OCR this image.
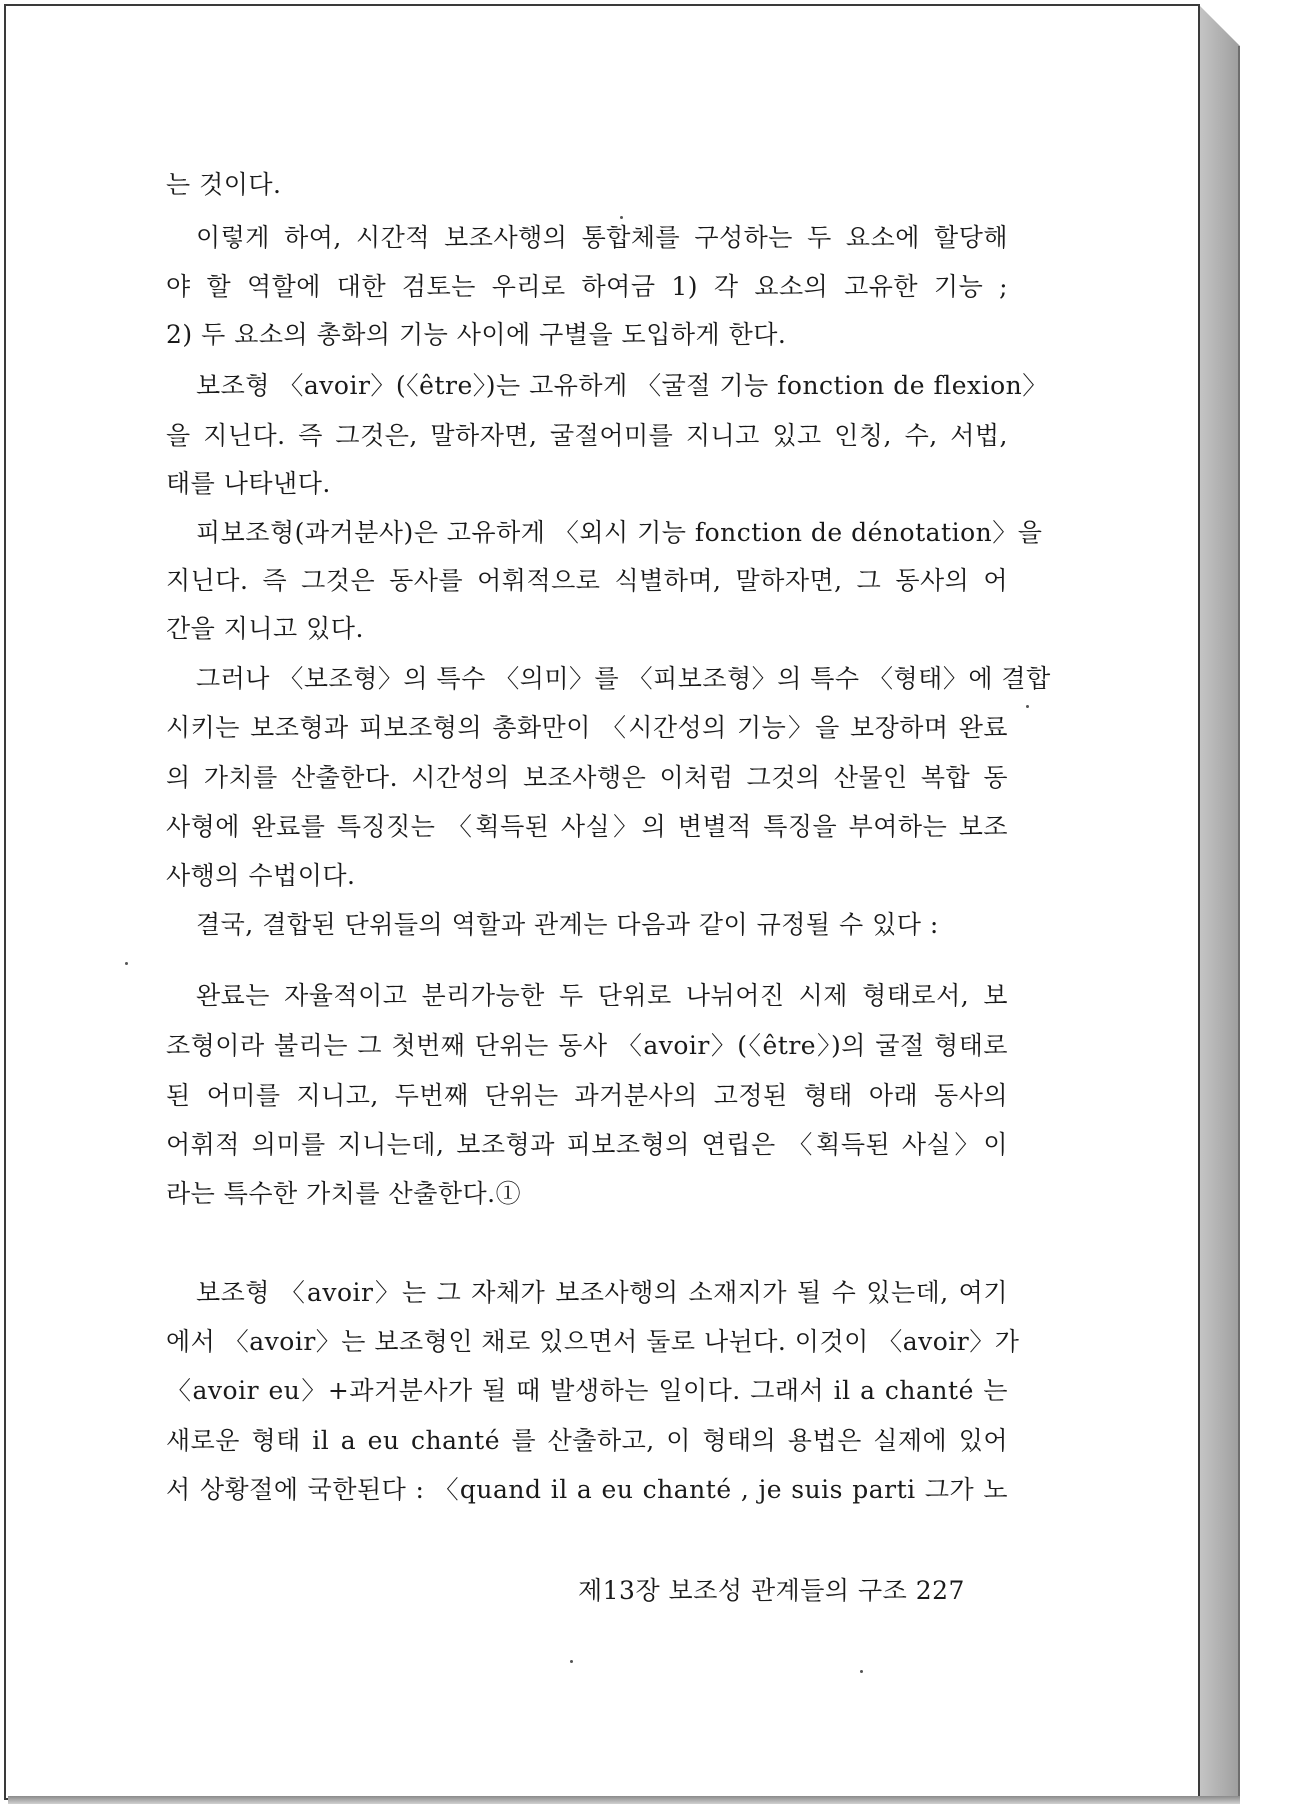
는 것이다.
이렇게 하여, 시간적 보조사행의 통합체를 구성하는 두 요소에 할당해
야 할 역할에 대한 검토는 우리로 하여금 1) 각 요소의 고유한 기능 ;
2) 두 요소의 총화의 기능 사이에 구별을 도입하게 한다.
보조형 〈avoir〉(〈être〉)는 고유하게 〈굴절 기능 fonction de flexion〉
을 지닌다. 즉 그것은, 말하자면, 굴절어미를 지니고 있고 인칭, 수, 서법,
태를 나타낸다.
피보조형(과거분사)은 고유하게 〈외시 기능 fonction de dénotation〉을
지닌다. 즉 그것은 동사를 어휘적으로 식별하며, 말하자면, 그 동사의 어
간을 지니고 있다.
그러나 〈보조형〉의 특수 〈의미〉를 〈피보조형〉의 특수 〈형태〉에 결합
시키는 보조형과 피보조형의 총화만이 〈시간성의 기능〉을 보장하며 완료
의 가치를 산출한다. 시간성의 보조사행은 이처럼 그것의 산물인 복합 동
사형에 완료를 특징짓는 〈획득된 사실〉의 변별적 특징을 부여하는 보조
사행의 수법이다.
결국, 결합된 단위들의 역할과 관계는 다음과 같이 규정될 수 있다 :
완료는 자율적이고 분리가능한 두 단위로 나뉘어진 시제 형태로서, 보
조형이라 불리는 그 첫번째 단위는 동사 〈avoir〉(〈être〉)의 굴절 형태로
된 어미를 지니고, 두번째 단위는 과거분사의 고정된 형태 아래 동사의
어휘적 의미를 지니는데, 보조형과 피보조형의 연립은 〈획득된 사실〉이
라는 특수한 가치를 산출한다.①
보조형 〈avoir〉는 그 자체가 보조사행의 소재지가 될 수 있는데, 여기
에서 〈avoir〉는 보조형인 채로 있으면서 둘로 나뉜다. 이것이 〈avoir〉가
〈avoir eu〉+과거분사가 될 때 발생하는 일이다. 그래서 il a chanté 는
새로운 형태 il a eu chanté 를 산출하고, 이 형태의 용법은 실제에 있어
서 상황절에 국한된다 : 〈quand il a eu chanté , je suis parti 그가 노
제13장 보조성 관계들의 구조 227
